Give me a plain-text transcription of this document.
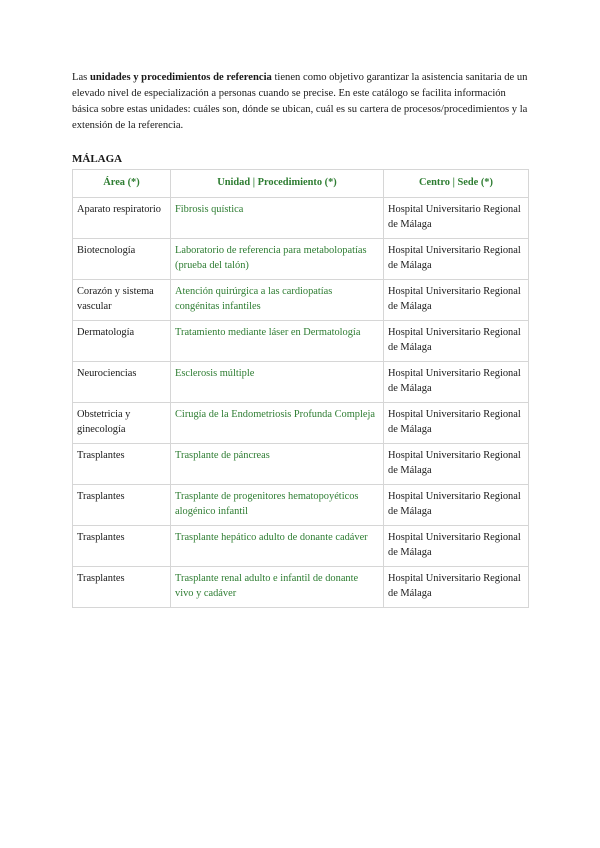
Las unidades y procedimientos de referencia tienen como objetivo garantizar la asistencia sanitaria de un elevado nivel de especialización a personas cuando se precise. En este catálogo se facilita información básica sobre estas unidades: cuáles son, dónde se ubican, cuál es su cartera de procesos/procedimientos y la extensión de la referencia.

MÁLAGA
Área (*)	Unidad | Procedimiento (*)	Centro | Sede (*)
Aparato respiratorio	Fibrosis quística	Hospital Universitario Regional de Málaga
Biotecnología	Laboratorio de referencia para metabolopatías (prueba del talón)	Hospital Universitario Regional de Málaga
Corazón y sistema vascular	Atención quirúrgica a las cardiopatías congénitas infantiles	Hospital Universitario Regional de Málaga
Dermatología	Tratamiento mediante láser en Dermatología	Hospital Universitario Regional de Málaga
Neurociencias	Esclerosis múltiple	Hospital Universitario Regional de Málaga
Obstetricia y ginecología	Cirugía de la Endometriosis Profunda Compleja	Hospital Universitario Regional de Málaga
Trasplantes	Trasplante de páncreas	Hospital Universitario Regional de Málaga
Trasplantes	Trasplante de progenitores hematopoyéticos alogénico infantil	Hospital Universitario Regional de Málaga
Trasplantes	Trasplante hepático adulto de donante cadáver	Hospital Universitario Regional de Málaga
Trasplantes	Trasplante renal adulto e infantil de donante vivo y cadáver	Hospital Universitario Regional de Málaga
